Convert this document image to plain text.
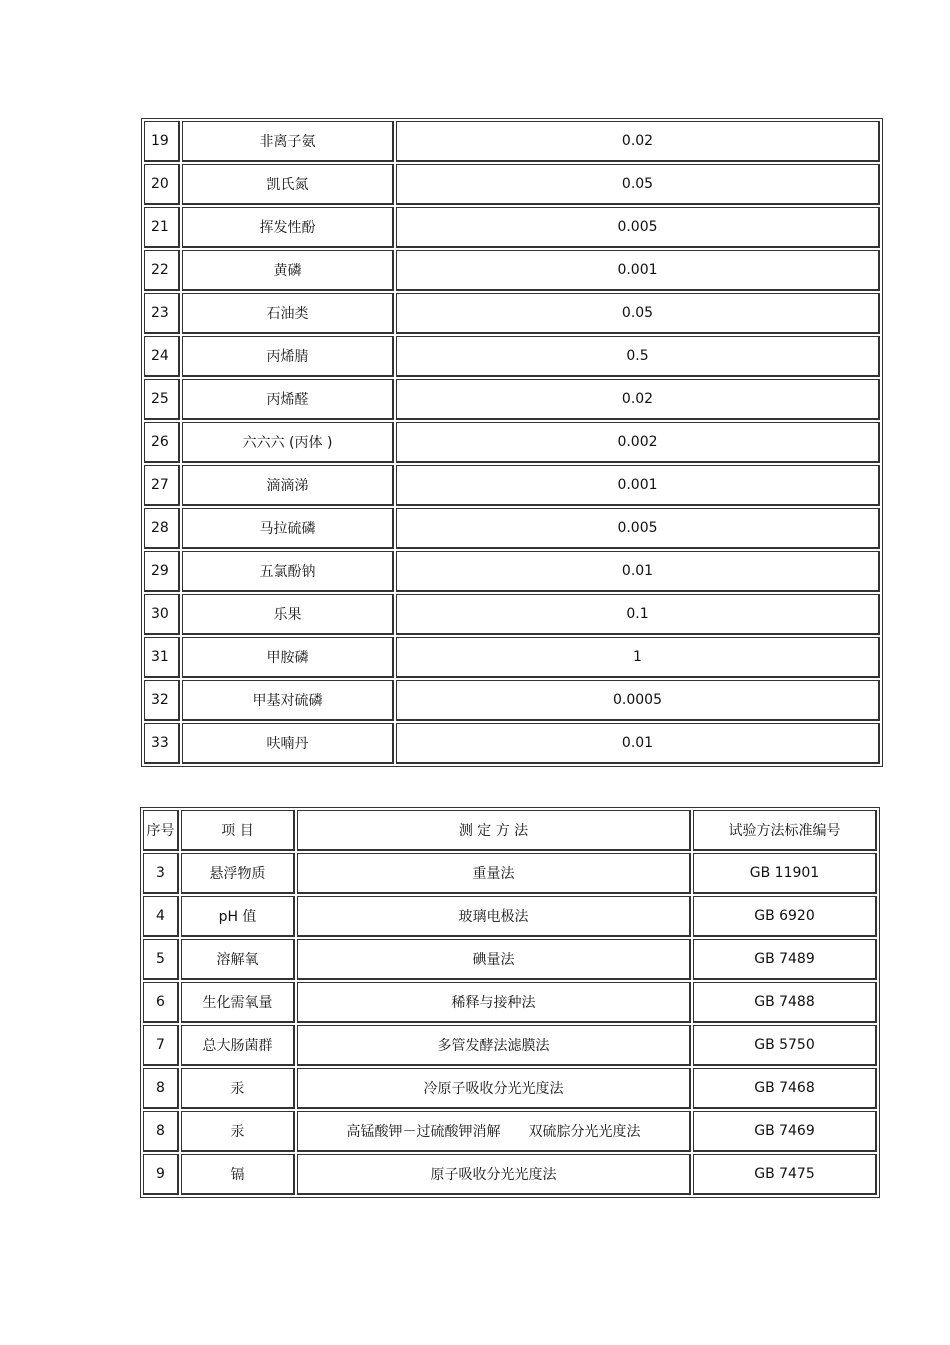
19	非离子氨	0.02
20	凯氏氮	0.05
21	挥发性酚	0.005
22	黄磷	0.001
23	石油类	0.05
24	丙烯腈	0.5
25	丙烯醛	0.02
26	六六六 (丙体 )	0.002
27	滴滴涕	0.001
28	马拉硫磷	0.005
29	五氯酚钠	0.01
30	乐果	0.1
31	甲胺磷	1
32	甲基对硫磷	0.0005
33	呋喃丹	0.01
序号	项 目	测 定 方 法	试验方法标准编号
3	悬浮物质	重量法	GB 11901
4	pH 值	玻璃电极法	GB 6920
5	溶解氧	碘量法	GB 7489
6	生化需氧量	稀释与接种法	GB 7488
7	总大肠菌群	多管发酵法滤膜法	GB 5750
8	汞	冷原子吸收分光光度法	GB 7468
8	汞	高锰酸钾－过硫酸钾消解　　双硫腙分光光度法	GB 7469
9	镉	原子吸收分光光度法	GB 7475
